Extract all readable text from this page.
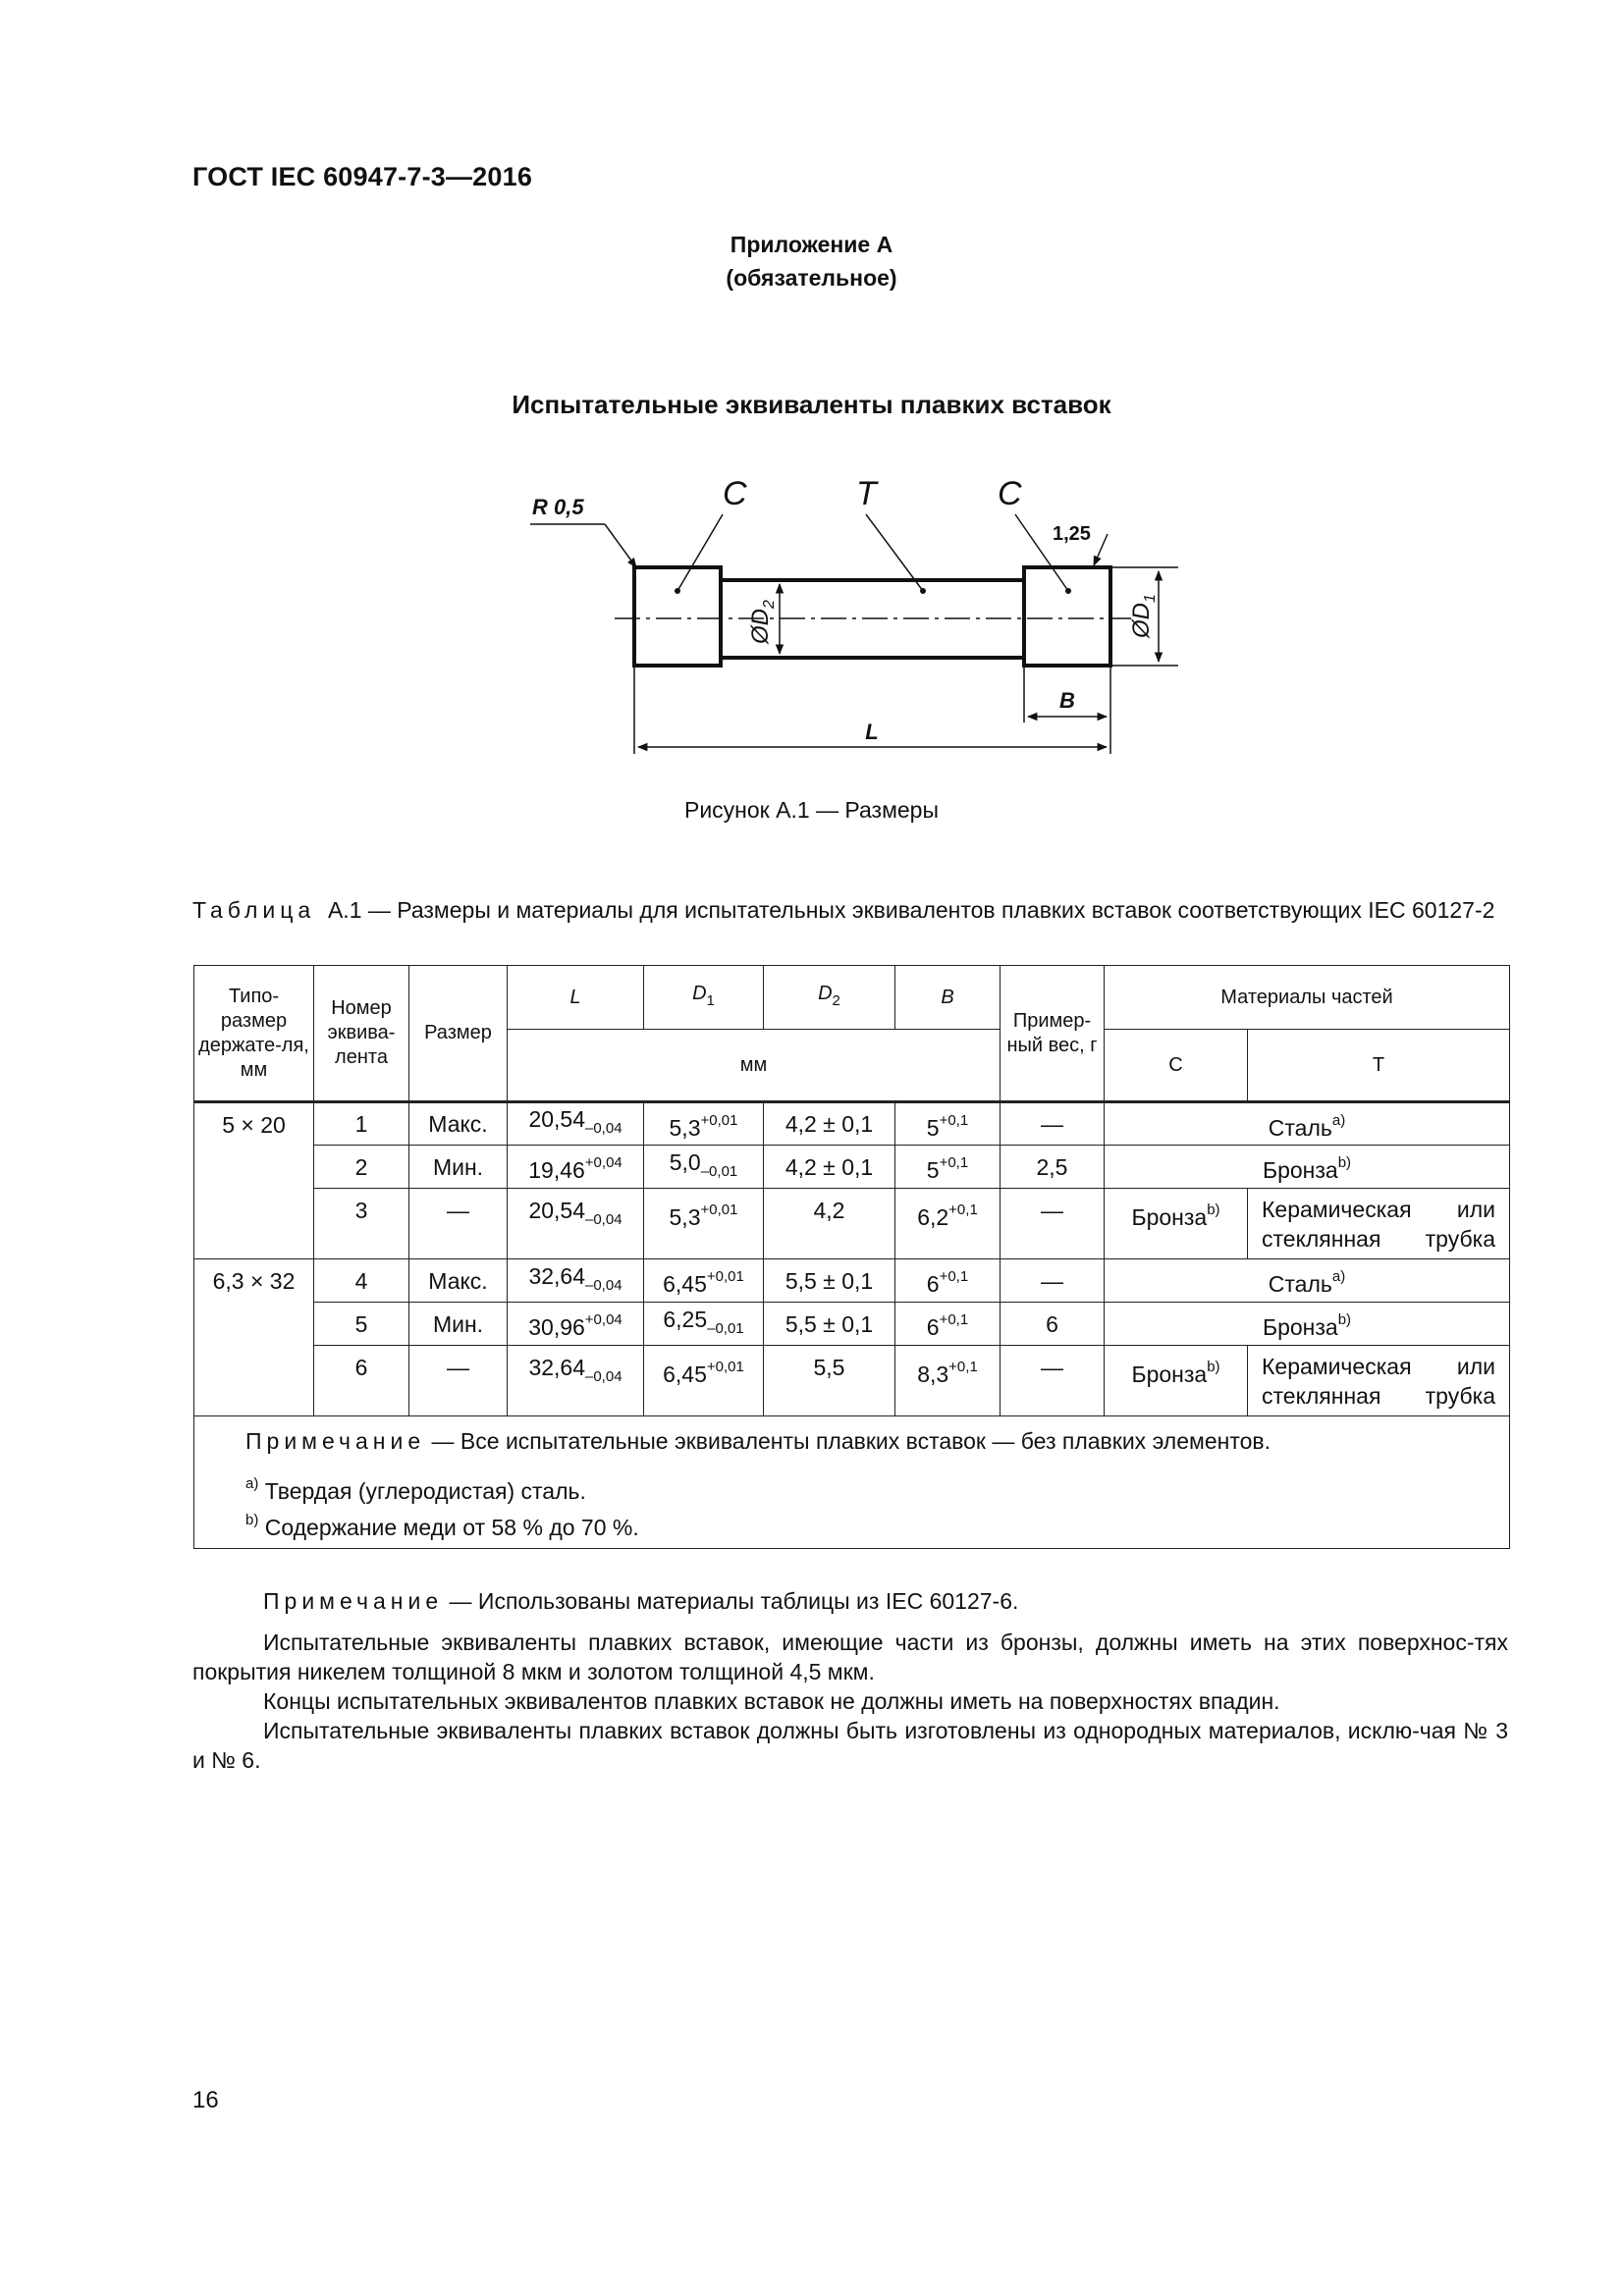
ГОСТ IEC 60947-7-3—2016
Приложение А
(обязательное)
Испытательные эквиваленты плавких вставок
$ØD_2$	$ØD_1$
B
L
R 0,5	C	T	C
1,25
Рисунок А.1 — Размеры
Таблица А.1 — Размеры и материалы для испытательных эквивалентов плавких вставок соответствующих IEC 60127-2
Типо-размер держате-ля, мм	Номер эквива-лента	Размер	L	$D_1$	$D_2$	B	Пример-ный вес, г	Материалы частей	
			мм					С	Т
5 × 20	1	Макс.	$20,54_{-0,04}$	$5,3^{+0,01}$	4,2 ± 0,1	$5^{+0,1}$	—	Сталь$^{а)}$
	2	Мин.	$19,46^{+0,04}$	$5,0_{-0,01}$	4,2 ± 0,1	$5^{+0,1}$	2,5	Бронза$^{b)}$
	3	—	$20,54_{-0,04}$	$5,3^{+0,01}$	4,2	$6,2^{+0,1}$	—	Бронза$^{b)}$	Керамическая или стеклянная трубка
6,3 × 32	4	Макс.	$32,64_{-0,04}$	$6,45^{+0,01}$	5,5 ± 0,1	$6^{+0,1}$	—	Сталь$^{а)}$
	5	Мин.	$30,96^{+0,04}$	$6,25_{-0,01}$	5,5 ± 0,1	$6^{+0,1}$	6	Бронза$^{b)}$
	6	—	$32,64_{-0,04}$	$6,45^{+0,01}$	5,5	$8,3^{+0,1}$	—	Бронза$^{b)}$	Керамическая или стеклянная трубка

Примечание — Все испытательные эквиваленты плавких вставок — без плавких элементов.

$^{а)}$ Твердая (углеродистая) сталь.

$^{b)}$ Содержание меди от 58 % до 70 %.									

Примечание — Использованы материалы таблицы из IEC 60127-6.

Испытательные эквиваленты плавких вставок, имеющие части из бронзы, должны иметь на этих поверхнос-тях покрытия никелем толщиной 8 мкм и золотом толщиной 4,5 мкм.

Концы испытательных эквивалентов плавких вставок не должны иметь на поверхностях впадин.

Испытательные эквиваленты плавких вставок должны быть изготовлены из однородных материалов, исклю-чая № 3 и № 6.

16
